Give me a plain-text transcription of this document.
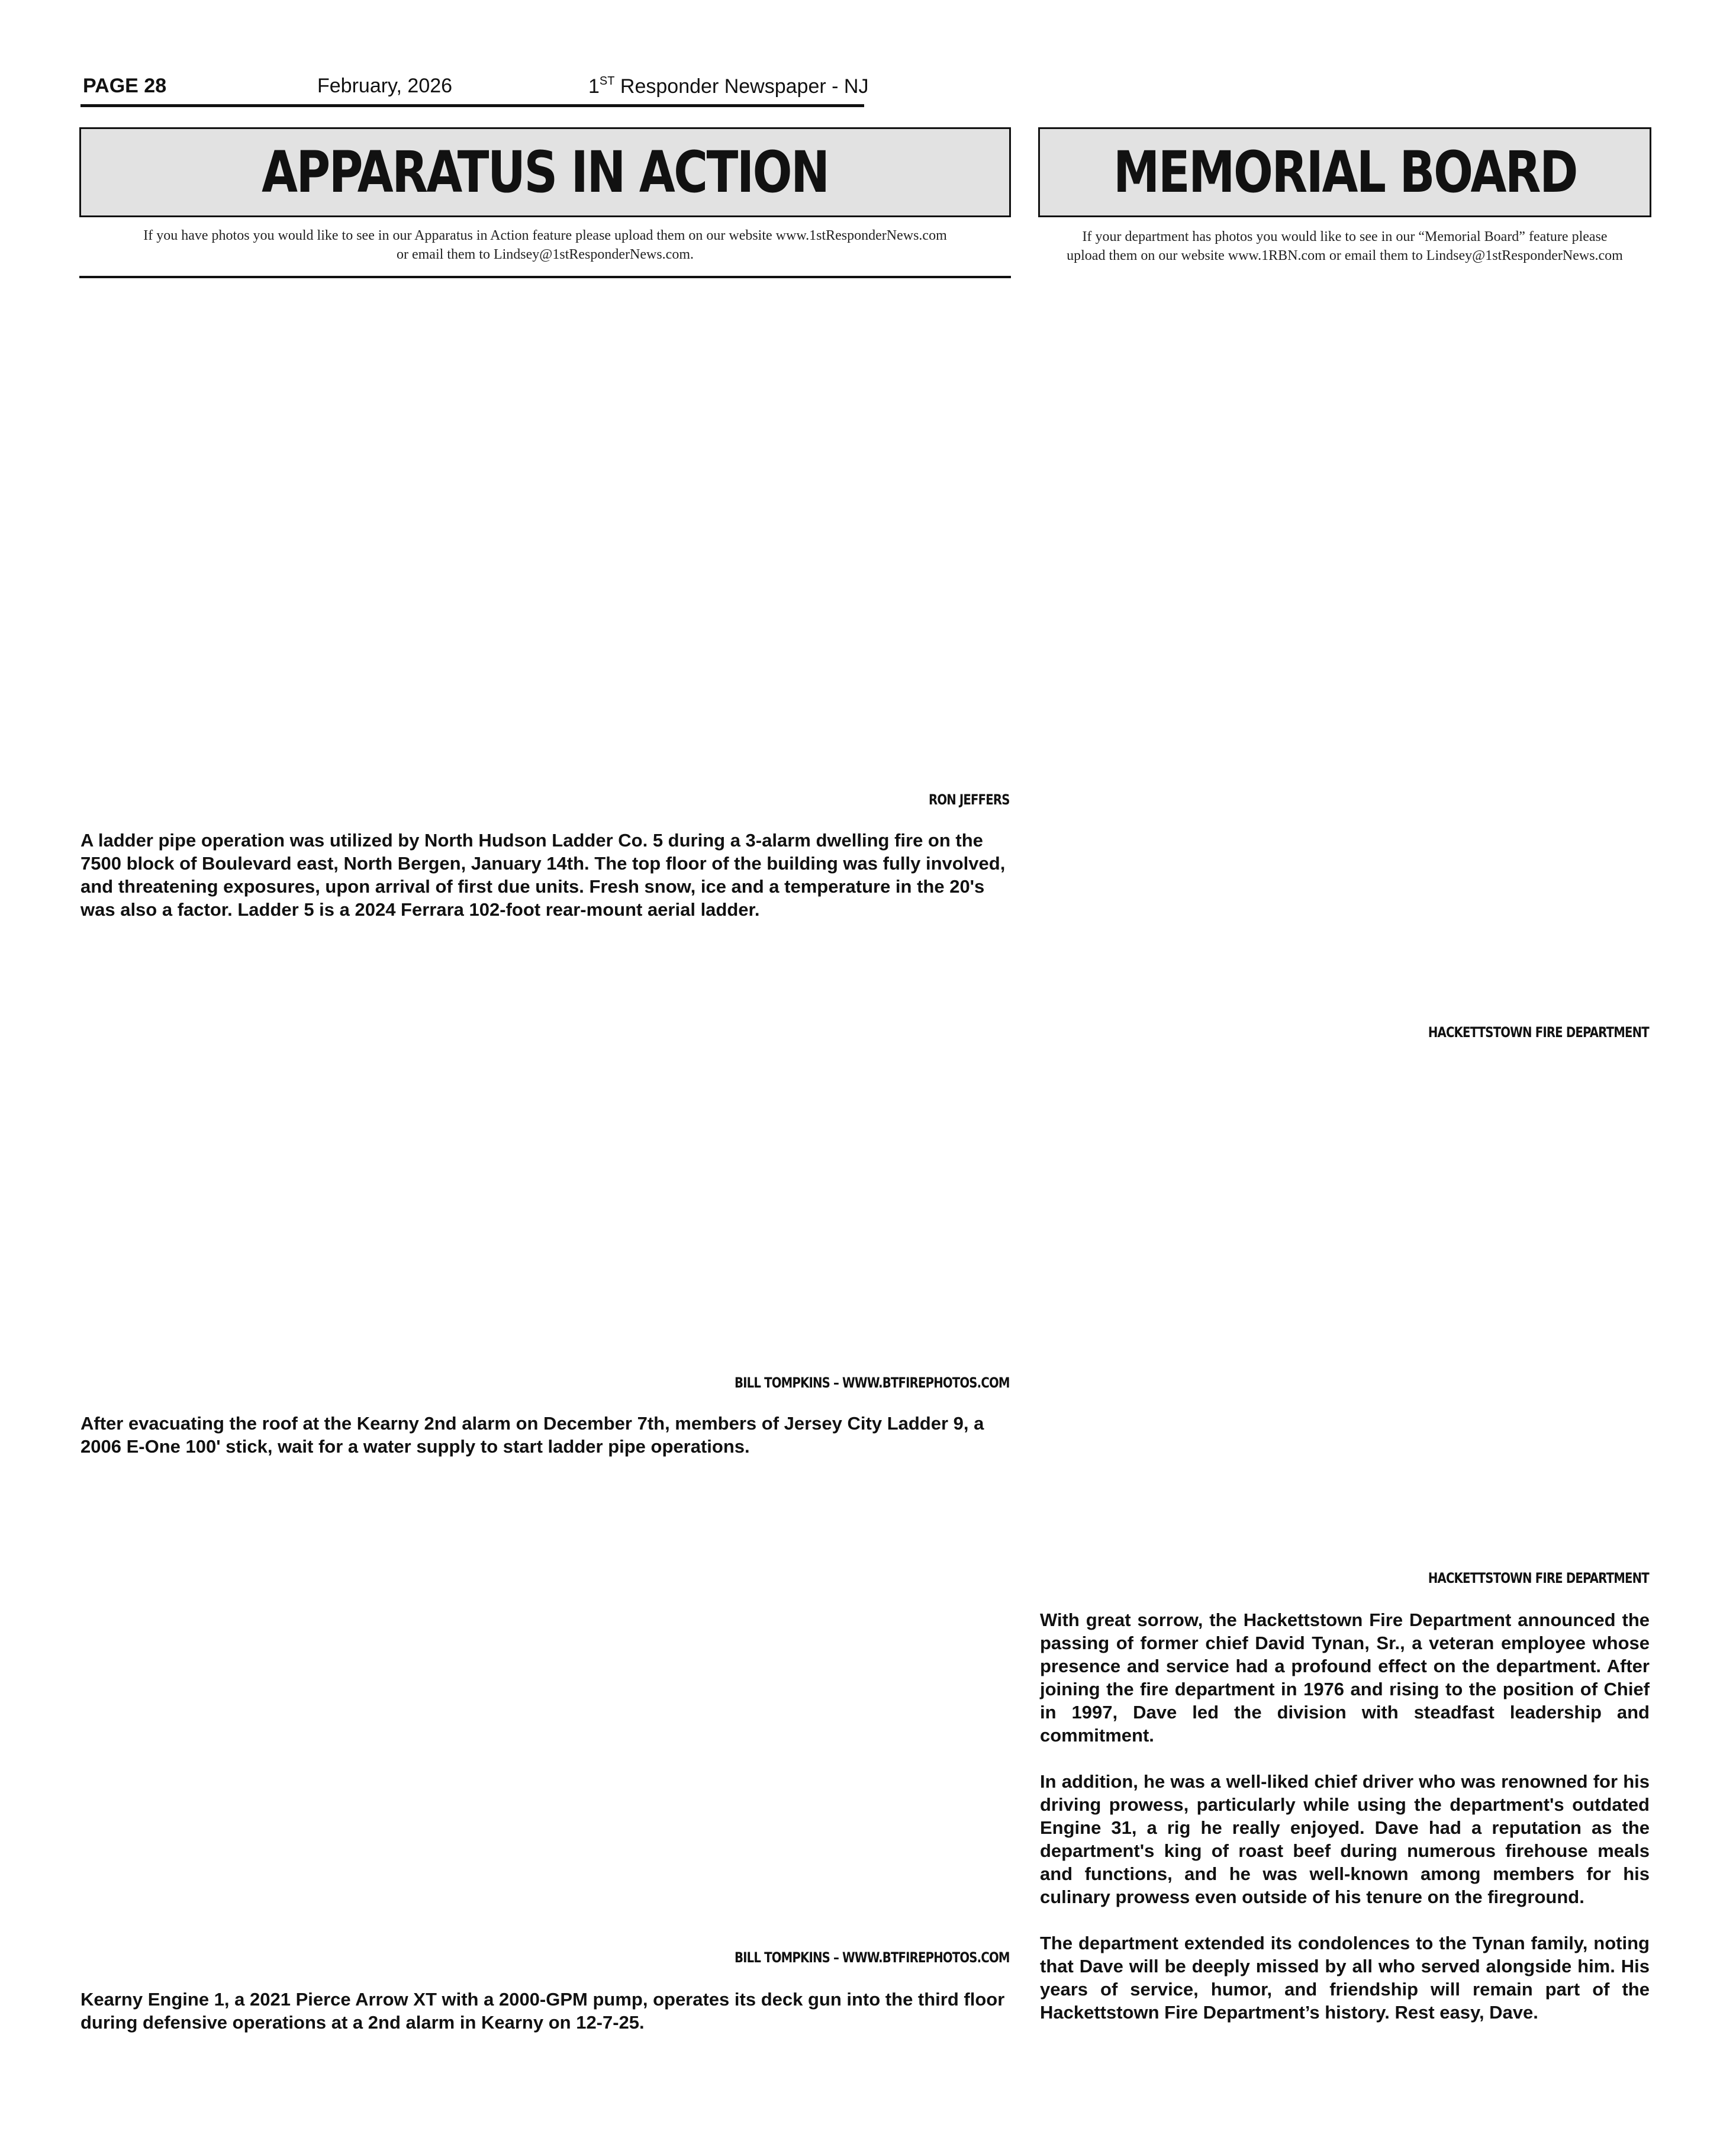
PAGE 28	February, 2026	1ST Responder Newspaper - NJ
APPARATUS IN ACTION
If you have photos you would like to see in our Apparatus in Action feature please upload them on our website www.1stResponderNews.com
or email them to Lindsey@1stResponderNews.com.
RON JEFFERS

A ladder pipe operation was utilized by North Hudson Ladder Co. 5 during a 3-alarm dwelling fire on the 7500 block of Boulevard east, North Bergen, January 14th. The top floor of the building was fully involved, and threatening exposures, upon arrival of first due units. Fresh snow, ice and a temperature in the 20's was also a factor. Ladder 5 is a 2024 Ferrara 102-foot rear-mount aerial ladder.

BILL TOMPKINS – WWW.BTFIREPHOTOS.COM

After evacuating the roof at the Kearny 2nd alarm on December 7th, members of Jersey City Ladder 9, a 2006 E-One 100' stick, wait for a water supply to start ladder pipe operations.

BILL TOMPKINS – WWW.BTFIREPHOTOS.COM

Kearny Engine 1, a 2021 Pierce Arrow XT with a 2000-GPM pump, operates its deck gun into the third floor during defensive operations at a 2nd alarm in Kearny on 12-7-25.

MEMORIAL BOARD
If your department has photos you would like to see in our “Memorial Board” feature please
upload them on our website www.1RBN.com or email them to Lindsey@1stResponderNews.com
HACKETTSTOWN FIRE DEPARTMENT
HACKETTSTOWN FIRE DEPARTMENT

With great sorrow, the Hackettstown Fire Department announced the passing of former chief David Tynan, Sr., a veteran employee whose presence and service had a profound effect on the department. After joining the fire department in 1976 and rising to the position of Chief in 1997, Dave led the division with steadfast leadership and commitment.

In addition, he was a well-liked chief driver who was renowned for his driving prowess, particularly while using the department's outdated Engine 31, a rig he really enjoyed. Dave had a reputation as the department's king of roast beef during numerous firehouse meals and functions, and he was well-known among members for his culinary prowess even outside of his tenure on the fireground.

The department extended its condolences to the Tynan family, noting that Dave will be deeply missed by all who served alongside him. His years of service, humor, and friendship will remain part of the Hackettstown Fire Department’s history. Rest easy, Dave.
